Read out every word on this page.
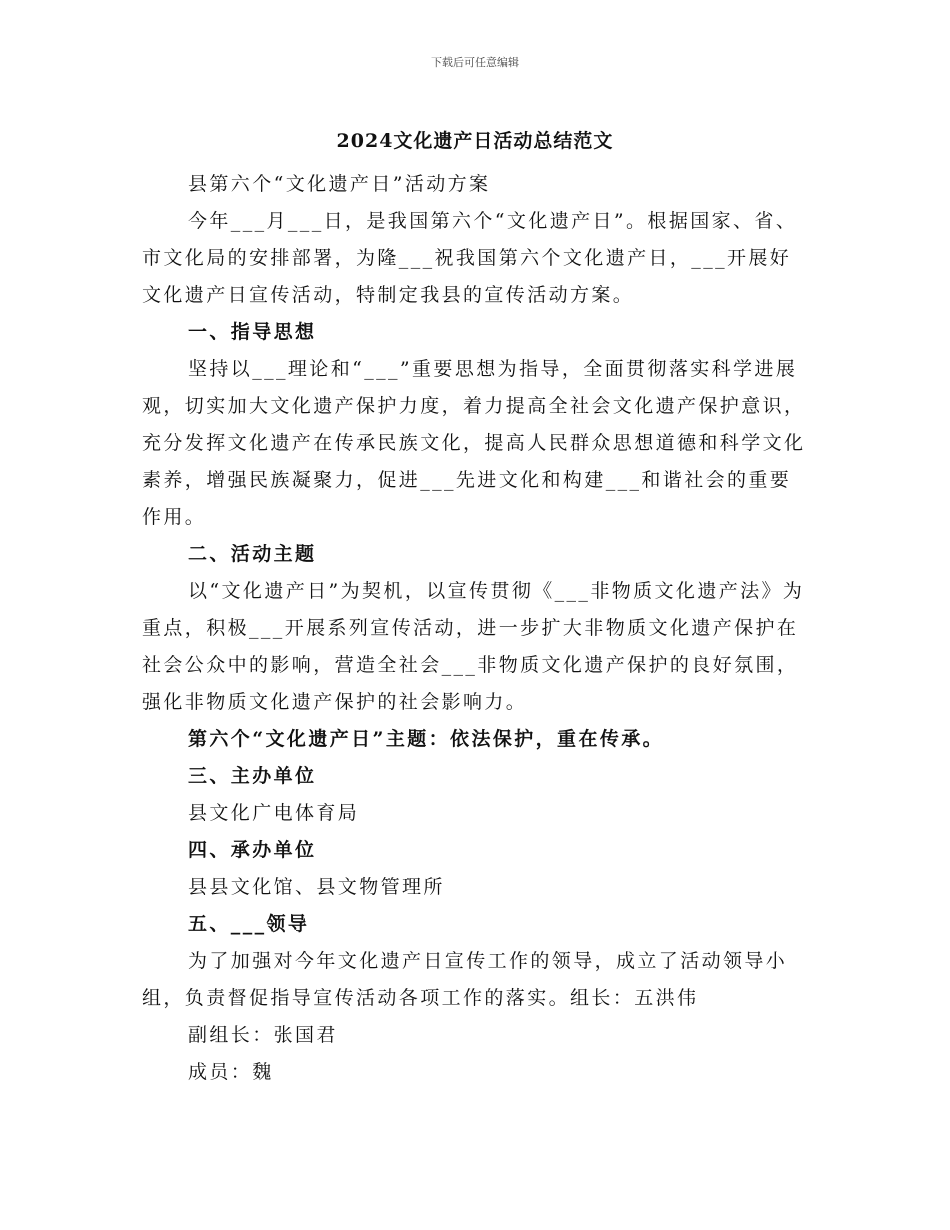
下载后可任意编辑
2024文化遗产日活动总结范文

县第六个“文化遗产日”活动方案

今年___月___日，是我国第六个“文化遗产日”。根据国家、省、市文化局的安排部署，为隆___祝我国第六个文化遗产日，___开展好文化遗产日宣传活动，特制定我县的宣传活动方案。

一、指导思想

坚持以___理论和“___”重要思想为指导，全面贯彻落实科学进展观，切实加大文化遗产保护力度，着力提高全社会文化遗产保护意识，充分发挥文化遗产在传承民族文化，提高人民群众思想道德和科学文化素养，增强民族凝聚力，促进___先进文化和构建___和谐社会的重要作用。

二、活动主题

以“文化遗产日”为契机，以宣传贯彻《___非物质文化遗产法》为重点，积极___开展系列宣传活动，进一步扩大非物质文化遗产保护在社会公众中的影响，营造全社会___非物质文化遗产保护的良好氛围，强化非物质文化遗产保护的社会影响力。

第六个“文化遗产日”主题：依法保护，重在传承。

三、主办单位

县文化广电体育局

四、承办单位

县县文化馆、县文物管理所

五、___领导

为了加强对今年文化遗产日宣传工作的领导，成立了活动领导小组，负责督促指导宣传活动各项工作的落实。组长：五洪伟

副组长：张国君

成员：魏
